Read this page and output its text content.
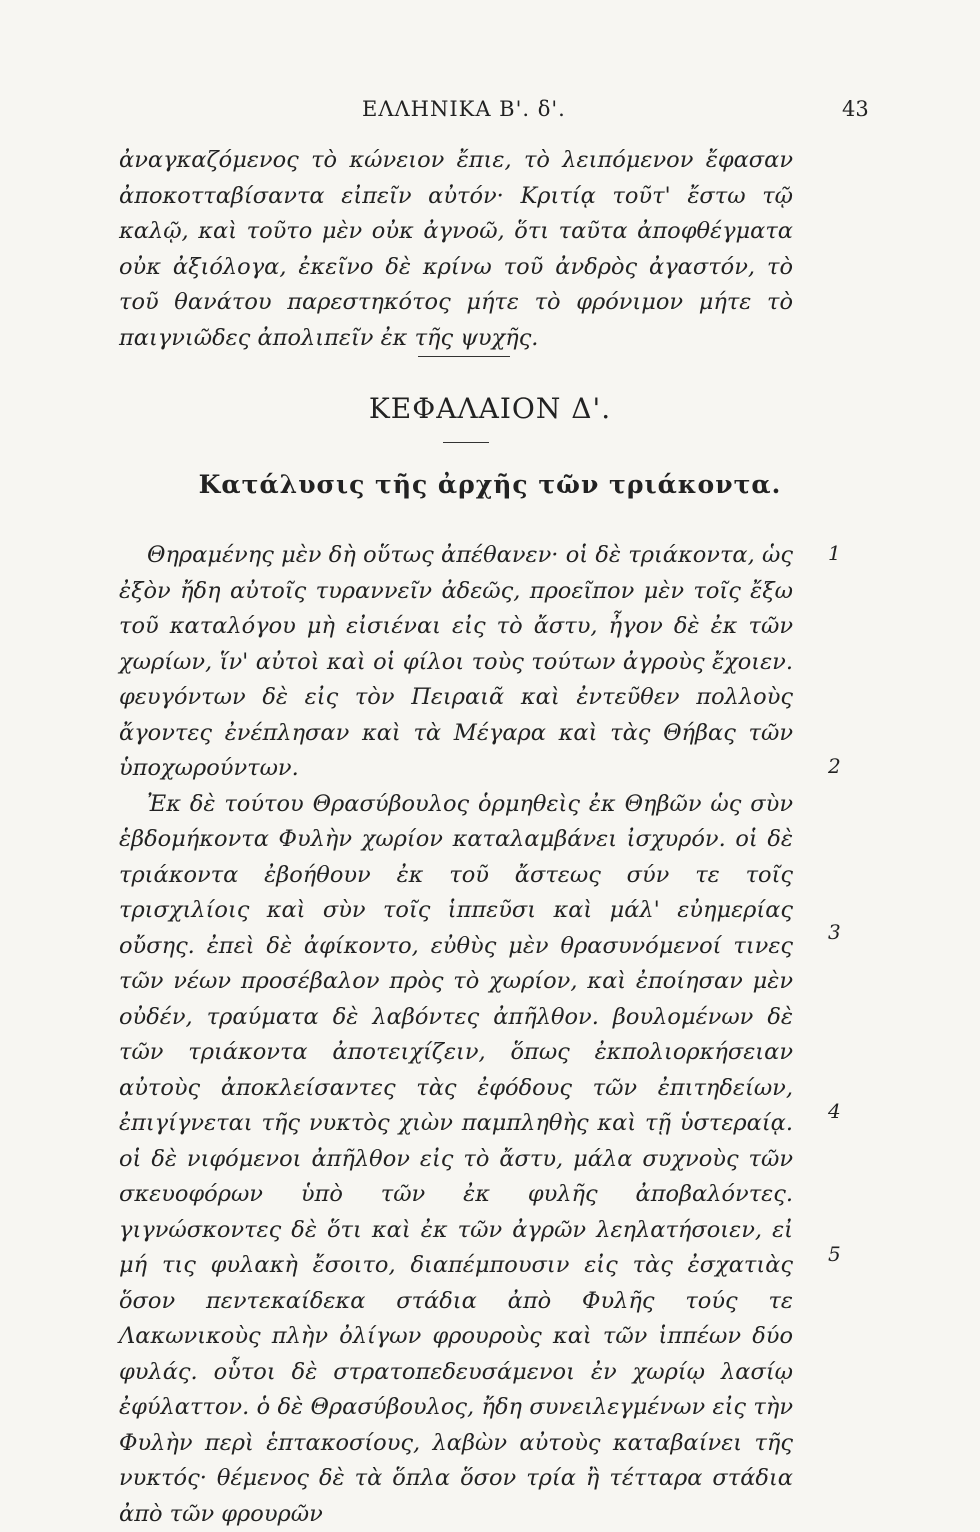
ΕΛΛΗΝΙΚΑ Β'. δ'.	43

ἀναγκαζόμενος τὸ κώνειον ἔπιε, τὸ λειπόμενον ἔφασαν ἀποκοτταβίσαντα εἰπεῖν αὐτόν· Κριτίᾳ τοῦτ' ἔστω τῷ καλῷ, καὶ τοῦτο μὲν οὐκ ἀγνοῶ, ὅτι ταῦτα ἀποφθέγματα οὐκ ἀξιόλογα, ἐκεῖνο δὲ κρίνω τοῦ ἀνδρὸς ἀγαστόν, τὸ τοῦ θανάτου παρεστηκότος μήτε τὸ φρόνιμον μήτε τὸ παιγνιῶδες ἀπολιπεῖν ἐκ τῆς ψυχῆς.

ΚΕΦΑΛΑΙΟΝ Δ'.
Κατάλυσις τῆς ἀρχῆς τῶν τριάκοντα.

Θηραμένης μὲν δὴ οὕτως ἀπέθανεν· οἱ δὲ τριάκοντα, ὡς ἐξὸν ἤδη αὐτοῖς τυραννεῖν ἀδεῶς, προεῖπον μὲν τοῖς ἔξω τοῦ καταλόγου μὴ εἰσιέναι εἰς τὸ ἄστυ, ἦγον δὲ ἐκ τῶν χωρίων, ἵν' αὐτοὶ καὶ οἱ φίλοι τοὺς τούτων ἀγροὺς ἔχοιεν. φευγόντων δὲ εἰς τὸν Πειραιᾶ καὶ ἐντεῦθεν πολλοὺς ἄγοντες ἐνέπλησαν καὶ τὰ Μέγαρα καὶ τὰς Θήβας τῶν ὑποχωρούντων.

Ἐκ δὲ τούτου Θρασύβουλος ὁρμηθεὶς ἐκ Θηβῶν ὡς σὺν ἑβδομήκοντα Φυλὴν χωρίον καταλαμβάνει ἰσχυρόν. οἱ δὲ τριάκοντα ἐβοήθουν ἐκ τοῦ ἄστεως σύν τε τοῖς τρισχιλίοις καὶ σὺν τοῖς ἱππεῦσι καὶ μάλ' εὐημερίας οὔσης. ἐπεὶ δὲ ἀφίκοντο, εὐθὺς μὲν θρασυνόμενοί τινες τῶν νέων προσέβαλον πρὸς τὸ χωρίον, καὶ ἐποίησαν μὲν οὐδέν, τραύματα δὲ λαβόντες ἀπῆλθον. βουλομένων δὲ τῶν τριάκοντα ἀποτειχίζειν, ὅπως ἐκπολιορκήσειαν αὐτοὺς ἀποκλείσαντες τὰς ἐφόδους τῶν ἐπιτηδείων, ἐπιγίγνεται τῆς νυκτὸς χιὼν παμπληθὴς καὶ τῇ ὑστεραίᾳ. οἱ δὲ νιφόμενοι ἀπῆλθον εἰς τὸ ἄστυ, μάλα συχνοὺς τῶν σκευοφόρων ὑπὸ τῶν ἐκ φυλῆς ἀποβαλόντες. γιγνώσκοντες δὲ ὅτι καὶ ἐκ τῶν ἀγρῶν λεηλατήσοιεν, εἰ μή τις φυλακὴ ἔσοιτο, διαπέμπουσιν εἰς τὰς ἐσχατιὰς ὅσον πεντεκαίδεκα στάδια ἀπὸ Φυλῆς τούς τε Λακωνικοὺς πλὴν ὀλίγων φρουροὺς καὶ τῶν ἱππέων δύο φυλάς. οὗτοι δὲ στρατοπεδευσάμενοι ἐν χωρίῳ λασίῳ ἐφύλαττον. ὁ δὲ Θρασύβουλος, ἤδη συνειλεγμένων εἰς τὴν Φυλὴν περὶ ἑπτακοσίους, λαβὼν αὐτοὺς καταβαίνει τῆς νυκτός· θέμενος δὲ τὰ ὅπλα ὅσον τρία ἢ τέτταρα στάδια ἀπὸ τῶν φρουρῶν

1
2
3
4
5
